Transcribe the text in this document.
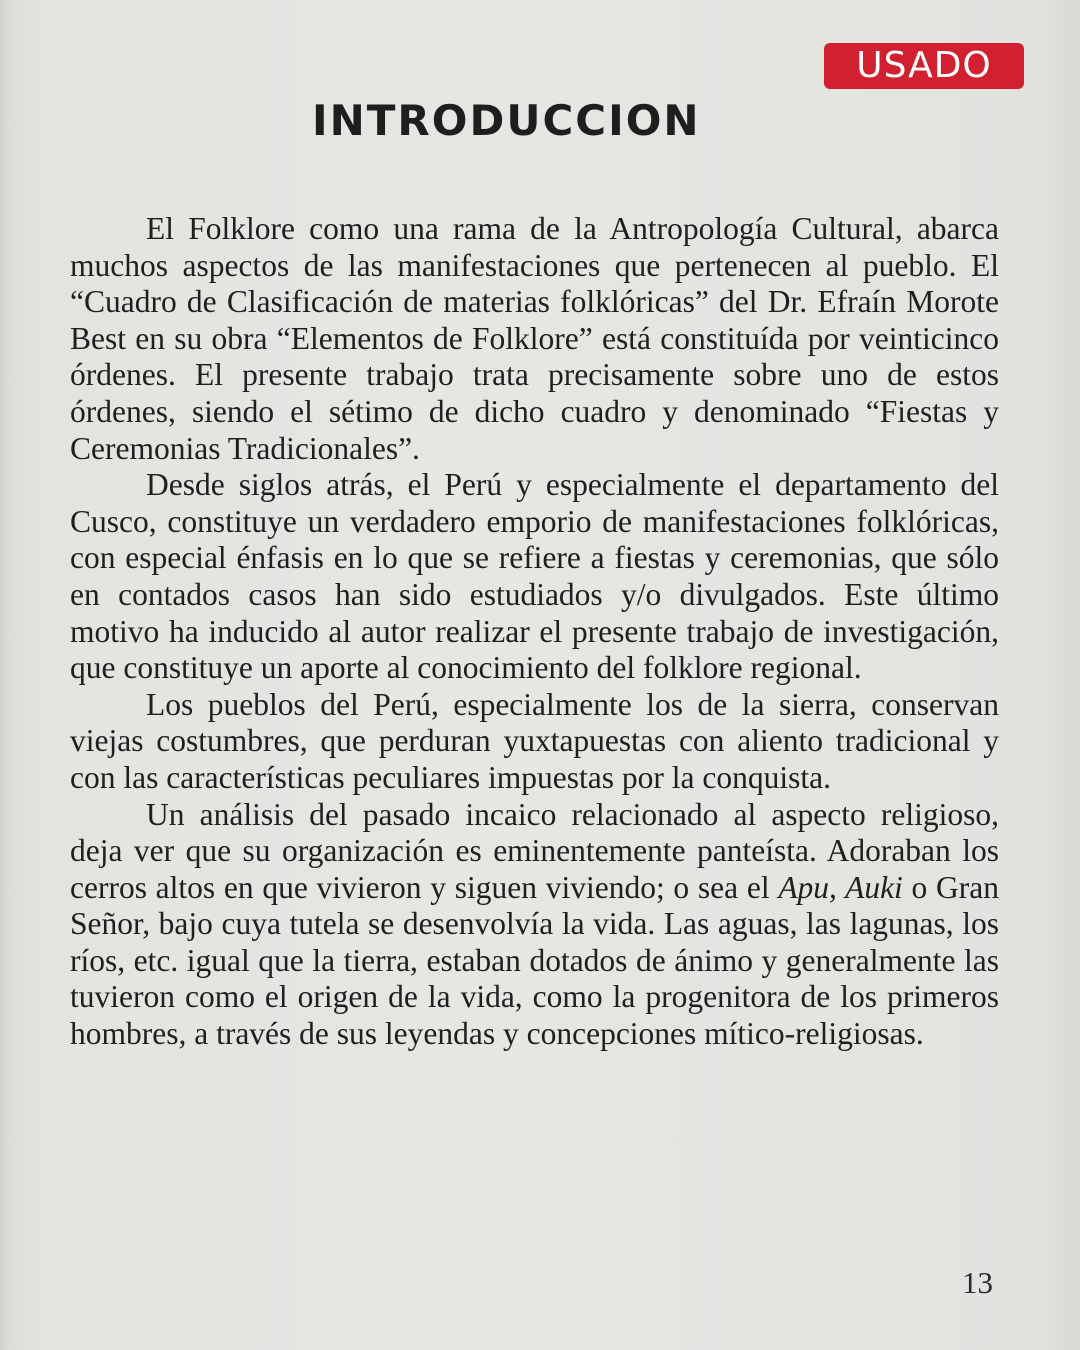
USADO
INTRODUCCION

El Folklore como una rama de la Antropología Cultural, abarca muchos aspectos de las manifestaciones que pertenecen al pueblo. El “Cuadro de Clasificación de materias folklóricas” del Dr. Efraín Morote Best en su obra “Elementos de Folklore” está constituída por veinticinco órdenes. El presente trabajo trata precisamente sobre uno de estos órdenes, siendo el sétimo de dicho cuadro y denominado “Fiestas y Ceremonias Tradicionales”.

Desde siglos atrás, el Perú y especialmente el departamento del Cusco, constituye un verdadero emporio de manifestaciones folklóricas, con especial énfasis en lo que se refiere a fiestas y ceremonias, que sólo en contados casos han sido estudiados y/o divulgados. Este último motivo ha inducido al autor realizar el presente trabajo de investigación, que constituye un aporte al conocimiento del folklore regional.

Los pueblos del Perú, especialmente los de la sierra, conservan viejas costumbres, que perduran yuxtapuestas con aliento tradicional y con las características peculiares impuestas por la conquista.

Un análisis del pasado incaico relacionado al aspecto religioso, deja ver que su organización es eminentemente panteísta. Adoraban los cerros altos en que vivieron y siguen viviendo; o sea el Apu, Auki o Gran Señor, bajo cuya tutela se desenvolvía la vida. Las aguas, las lagunas, los ríos, etc. igual que la tierra, estaban dotados de ánimo y generalmente las tuvieron como el origen de la vida, como la progenitora de los primeros hombres, a través de sus leyendas y concepciones mítico-religiosas.

13
